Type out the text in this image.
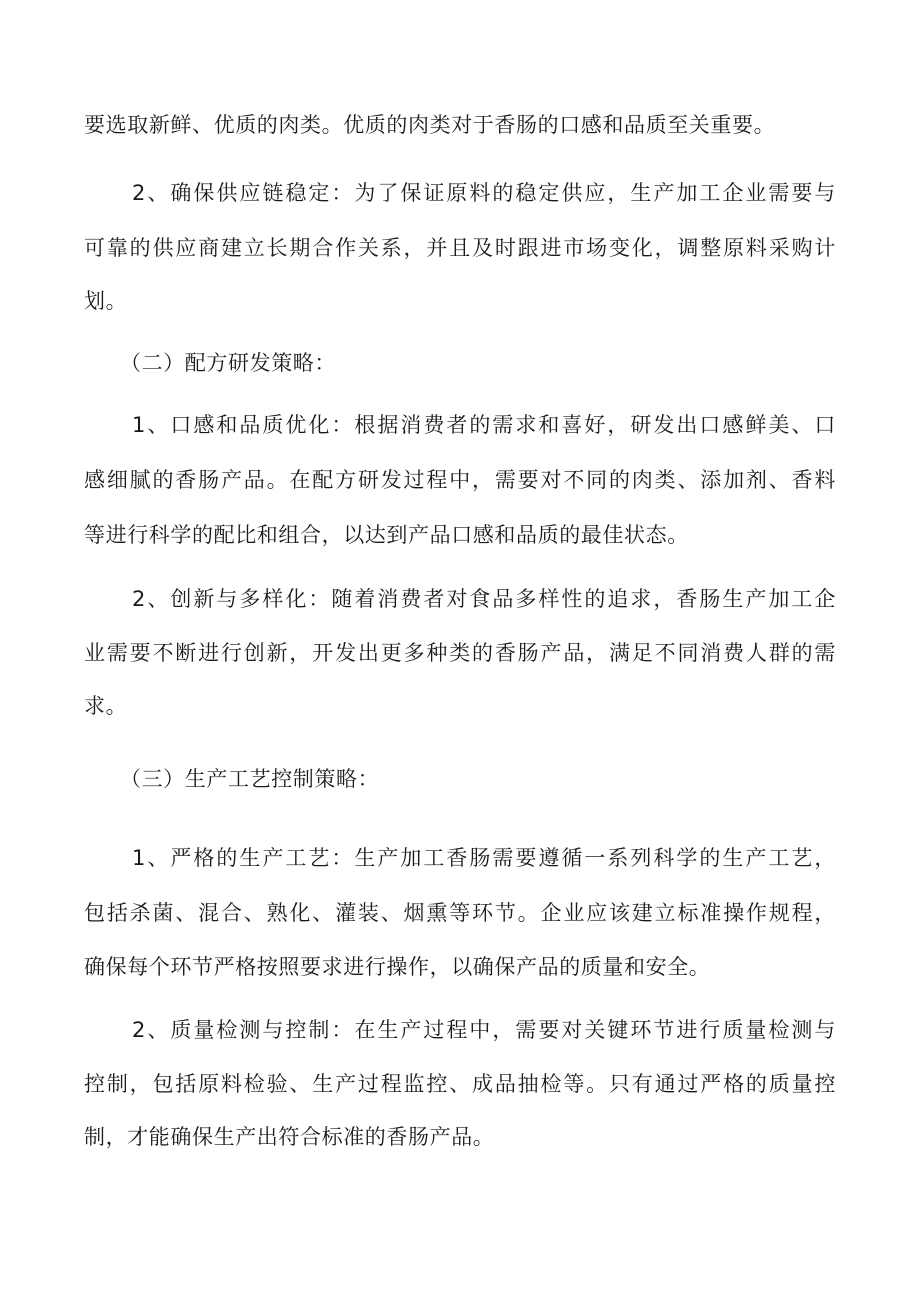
要选取新鲜、优质的肉类。优质的肉类对于香肠的口感和品质至关重要。
2、确保供应链稳定：为了保证原料的稳定供应，生产加工企业需要与
可靠的供应商建立长期合作关系，并且及时跟进市场变化，调整原料采购计
划。
（二）配方研发策略：
1、口感和品质优化：根据消费者的需求和喜好，研发出口感鲜美、口
感细腻的香肠产品。在配方研发过程中，需要对不同的肉类、添加剂、香料
等进行科学的配比和组合，以达到产品口感和品质的最佳状态。
2、创新与多样化：随着消费者对食品多样性的追求，香肠生产加工企
业需要不断进行创新，开发出更多种类的香肠产品，满足不同消费人群的需
求。
（三）生产工艺控制策略：
1、严格的生产工艺：生产加工香肠需要遵循一系列科学的生产工艺，
包括杀菌、混合、熟化、灌装、烟熏等环节。企业应该建立标准操作规程，
确保每个环节严格按照要求进行操作，以确保产品的质量和安全。
2、质量检测与控制：在生产过程中，需要对关键环节进行质量检测与
控制，包括原料检验、生产过程监控、成品抽检等。只有通过严格的质量控
制，才能确保生产出符合标准的香肠产品。
